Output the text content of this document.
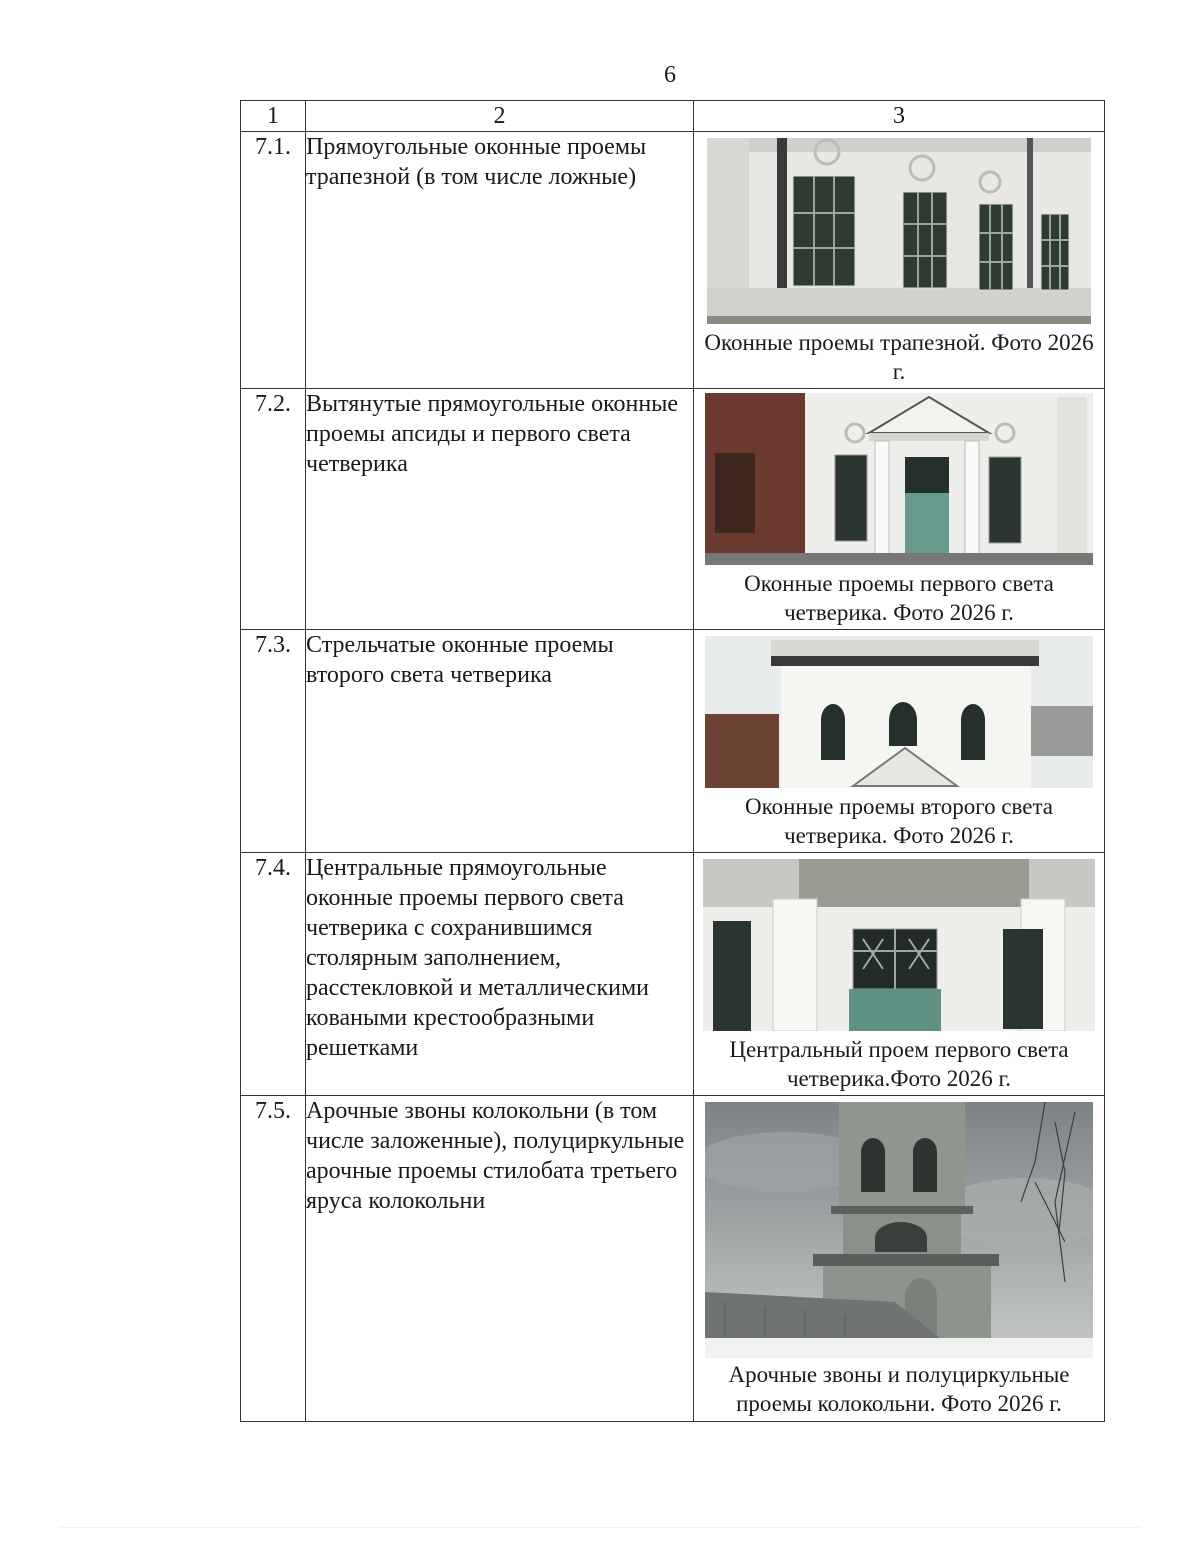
6
1	2	3
7.1.	Прямоугольные оконные проемы трапезной (в том числе ложные)	Оконные проемы трапезной. Фото 2026 г.

7.2.	Вытянутые прямоугольные оконные проемы апсиды и первого света четверика	Оконные проемы первого света четверика. Фото 2026 г.

7.3.	Стрельчатые оконные проемы второго света четверика	Оконные проемы второго света четверика. Фото 2026 г.

7.4.	Центральные прямоугольные оконные проемы первого света четверика с сохранившимся столярным заполнением, расстекловкой и металлическими коваными крестообразными решетками	Центральный проем первого света четверика.Фото 2026 г.

7.5.	Арочные звоны колокольни (в том числе заложенные), полуциркульные арочные проемы стилобата третьего яруса колокольни	Арочные звоны и полуциркульные проемы колокольни. Фото 2026 г.
